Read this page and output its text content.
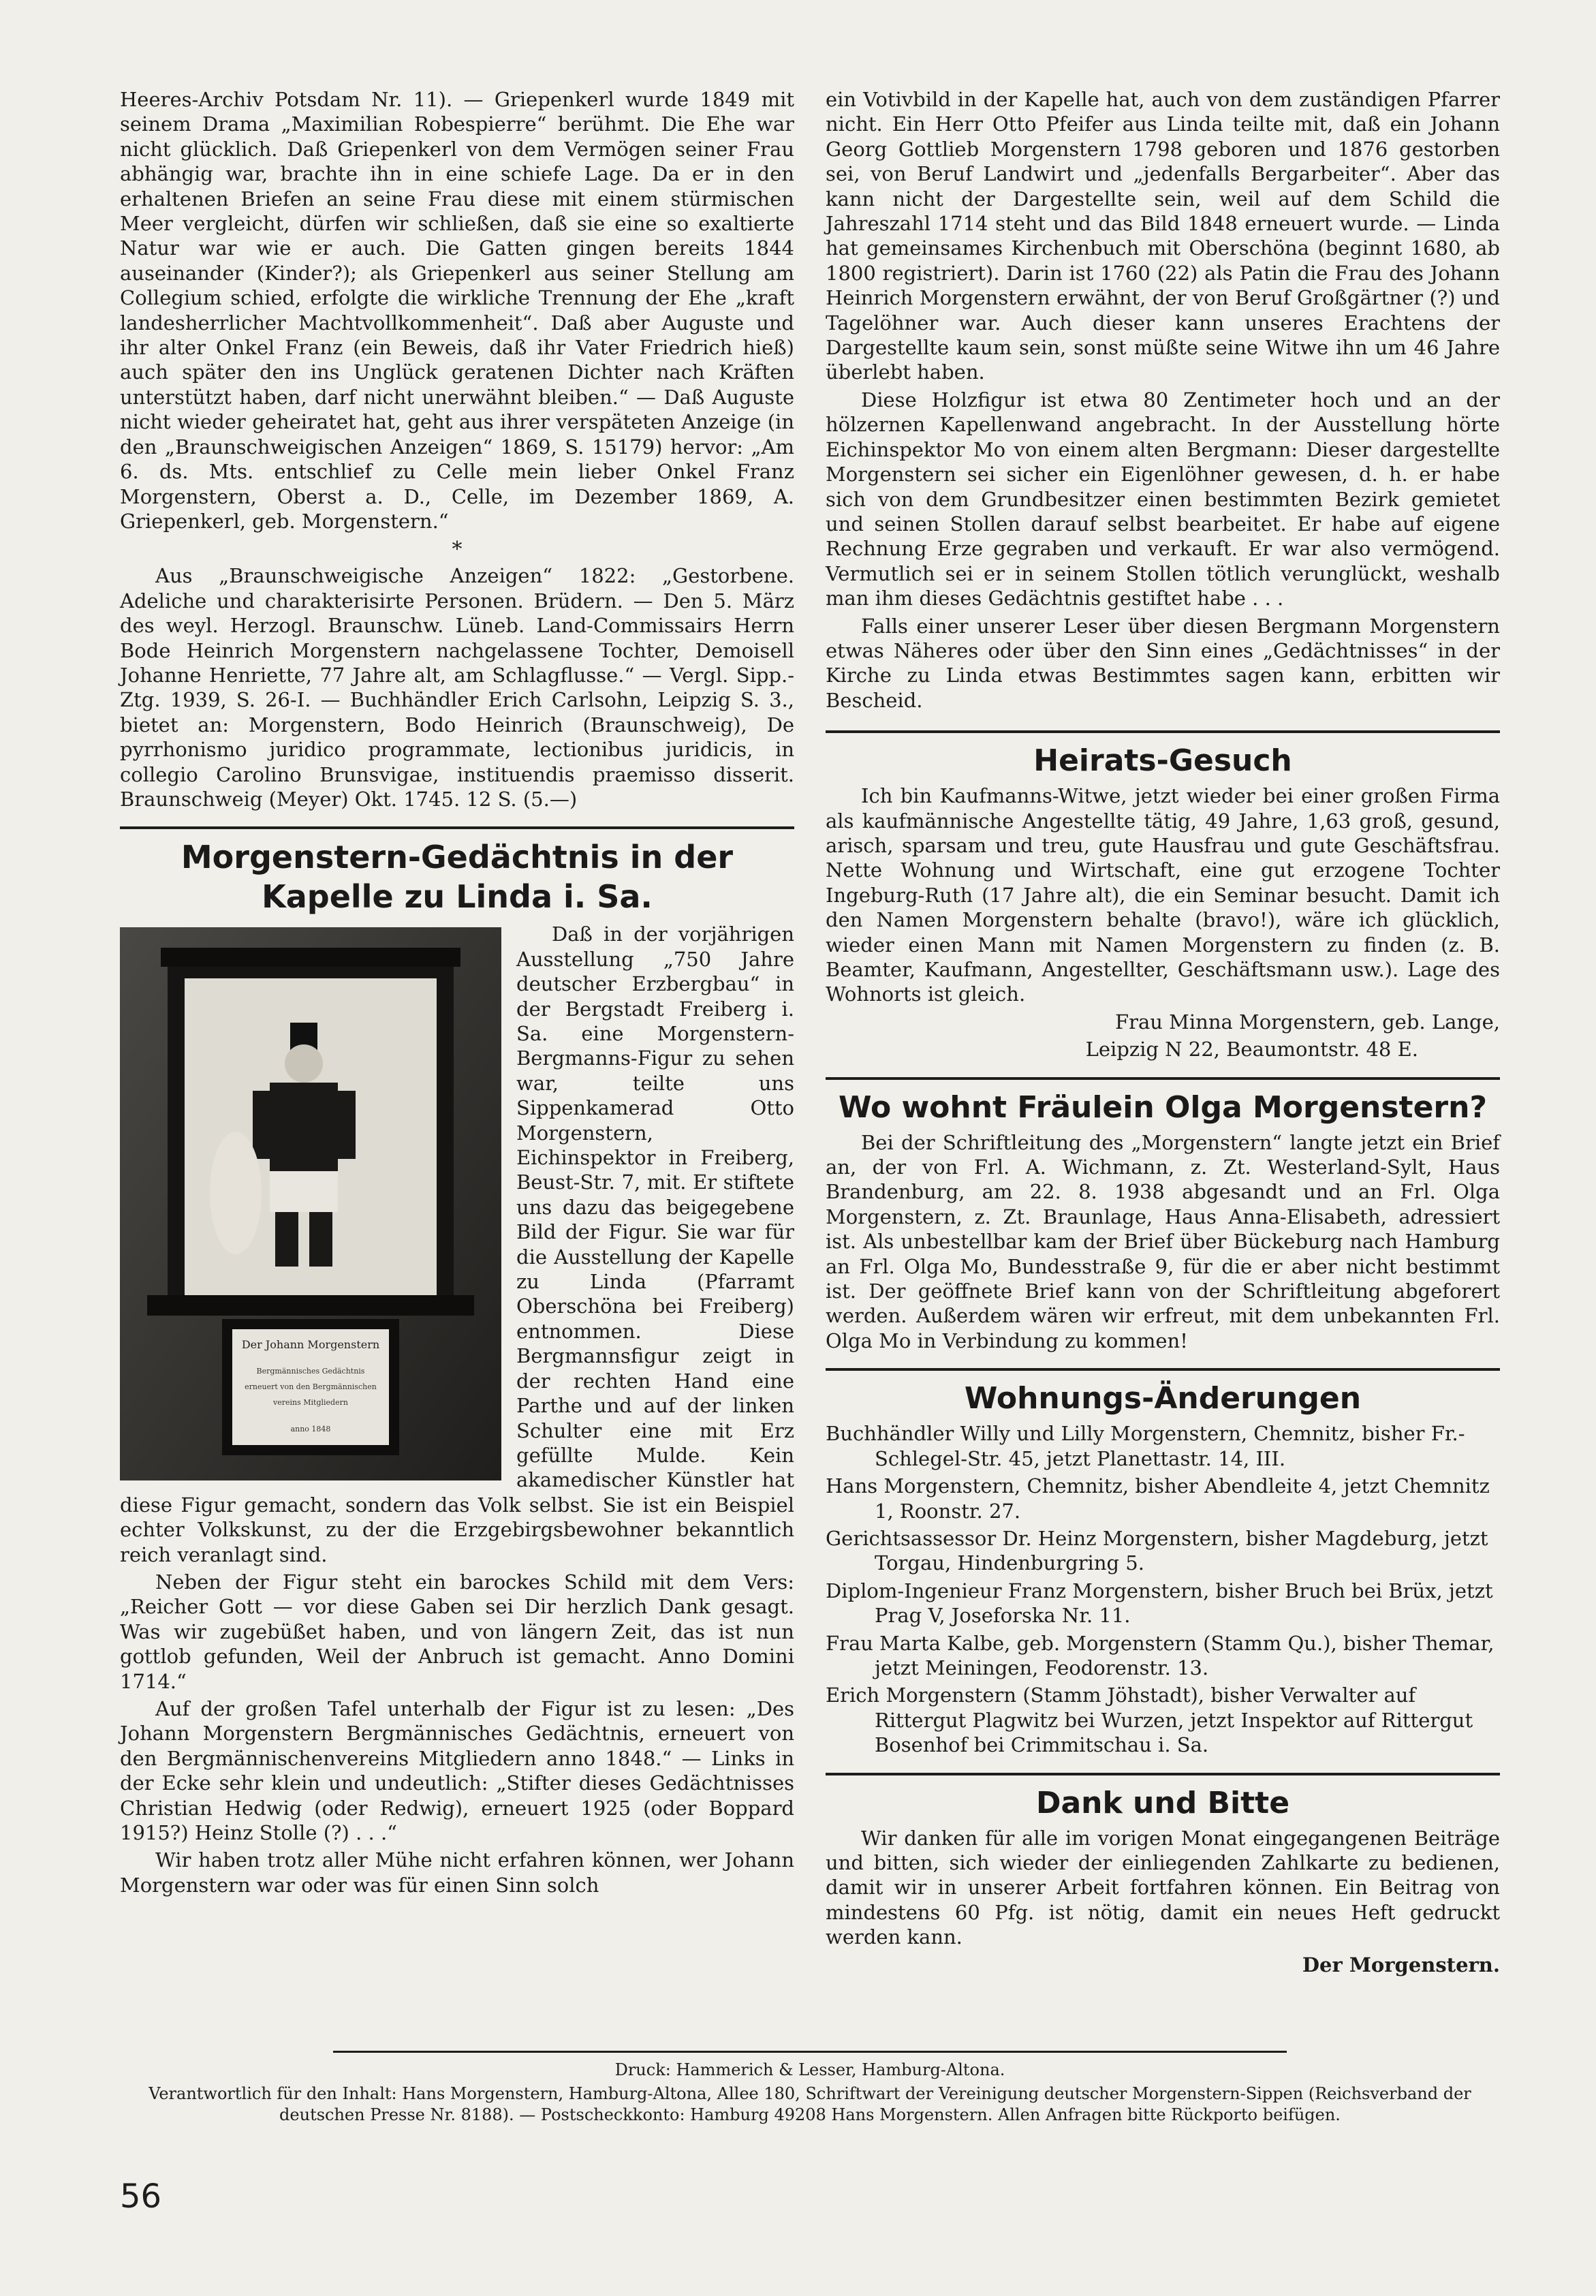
Heeres-Archiv Potsdam Nr. 11). — Griepenkerl wurde 1849 mit seinem Drama „Maximilian Robespierre“ berühmt. Die Ehe war nicht glücklich. Daß Griepenkerl von dem Vermögen seiner Frau abhängig war, brachte ihn in eine schiefe Lage. Da er in den erhaltenen Briefen an seine Frau diese mit einem stürmischen Meer vergleicht, dürfen wir schließen, daß sie eine so exaltierte Natur war wie er auch. Die Gatten gingen bereits 1844 auseinander (Kinder?); als Griepenkerl aus seiner Stellung am Collegium schied, erfolgte die wirkliche Trennung der Ehe „kraft landesherrlicher Machtvollkommenheit“. Daß aber Auguste und ihr alter Onkel Franz (ein Beweis, daß ihr Vater Friedrich hieß) auch später den ins Unglück geratenen Dichter nach Kräften unterstützt haben, darf nicht unerwähnt bleiben.“ — Daß Auguste nicht wieder geheiratet hat, geht aus ihrer verspäteten Anzeige (in den „Braunschweigischen Anzeigen“ 1869, S. 15179) hervor: „Am 6. ds. Mts. entschlief zu Celle mein lieber Onkel Franz Morgenstern, Oberst a. D., Celle, im Dezember 1869, A. Griepenkerl, geb. Morgenstern.“

*

Aus „Braunschweigische Anzeigen“ 1822: „Gestorbene. Adeliche und charakterisirte Personen. Brüdern. — Den 5. März des weyl. Herzogl. Braunschw. Lüneb. Land-Commissairs Herrn Bode Heinrich Morgenstern nachgelassene Tochter, Demoisell Johanne Henriette, 77 Jahre alt, am Schlagflusse.“ — Vergl. Sipp.-Ztg. 1939, S. 26-I. — Buchhändler Erich Carlsohn, Leipzig S. 3., bietet an: Morgenstern, Bodo Heinrich (Braunschweig), De pyrrhonismo juridico programmate, lectionibus juridicis, in collegio Carolino Brunsvigae, instituendis praemisso disserit. Braunschweig (Meyer) Okt. 1745. 12 S. (5.—)

Morgenstern-Gedächtnis in der Kapelle zu Linda i. Sa.
Der Johann Morgenstern
Bergmännisches Gedächtnis
erneuert von den Bergmännischen
vereins Mitgliedern
anno 1848

Daß in der vorjährigen Ausstellung „750 Jahre deutscher Erzbergbau“ in der Bergstadt Freiberg i. Sa. eine Morgenstern-Bergmanns-Figur zu sehen war, teilte uns Sippenkamerad Otto Morgenstern, Eichinspektor in Freiberg, Beust-Str. 7, mit. Er stiftete uns dazu das beigegebene Bild der Figur. Sie war für die Ausstellung der Kapelle zu Linda (Pfarramt Oberschöna bei Freiberg) entnommen. Diese Bergmannsfigur zeigt in der rechten Hand eine Parthe und auf der linken Schulter eine mit Erz gefüllte Mulde. Kein akamedischer Künstler hat diese Figur gemacht, sondern das Volk selbst. Sie ist ein Beispiel echter Volkskunst, zu der die Erzgebirgsbewohner bekanntlich reich veranlagt sind.

Neben der Figur steht ein barockes Schild mit dem Vers: „Reicher Gott — vor diese Gaben sei Dir herzlich Dank gesagt. Was wir zugebüßet haben, und von längern Zeit, das ist nun gottlob gefunden, Weil der Anbruch ist gemacht. Anno Domini 1714.“

Auf der großen Tafel unterhalb der Figur ist zu lesen: „Des Johann Morgenstern Bergmännisches Gedächtnis, erneuert von den Bergmännischenvereins Mitgliedern anno 1848.“ — Links in der Ecke sehr klein und undeutlich: „Stifter dieses Gedächtnisses Christian Hedwig (oder Redwig), erneuert 1925 (oder Boppard 1915?) Heinz Stolle (?) . . .“

Wir haben trotz aller Mühe nicht erfahren können, wer Johann Morgenstern war oder was für einen Sinn solch

ein Votivbild in der Kapelle hat, auch von dem zuständigen Pfarrer nicht. Ein Herr Otto Pfeifer aus Linda teilte mit, daß ein Johann Georg Gottlieb Morgenstern 1798 geboren und 1876 gestorben sei, von Beruf Landwirt und „jedenfalls Bergarbeiter“. Aber das kann nicht der Dargestellte sein, weil auf dem Schild die Jahreszahl 1714 steht und das Bild 1848 erneuert wurde. — Linda hat gemeinsames Kirchenbuch mit Oberschöna (beginnt 1680, ab 1800 registriert). Darin ist 1760 (22) als Patin die Frau des Johann Heinrich Morgenstern erwähnt, der von Beruf Großgärtner (?) und Tagelöhner war. Auch dieser kann unseres Erachtens der Dargestellte kaum sein, sonst müßte seine Witwe ihn um 46 Jahre überlebt haben.

Diese Holzfigur ist etwa 80 Zentimeter hoch und an der hölzernen Kapellenwand angebracht. In der Ausstellung hörte Eichinspektor Mo von einem alten Bergmann: Dieser dargestellte Morgenstern sei sicher ein Eigenlöhner gewesen, d. h. er habe sich von dem Grundbesitzer einen bestimmten Bezirk gemietet und seinen Stollen darauf selbst bearbeitet. Er habe auf eigene Rechnung Erze gegraben und verkauft. Er war also vermögend. Vermutlich sei er in seinem Stollen tötlich verunglückt, weshalb man ihm dieses Gedächtnis gestiftet habe . . .

Falls einer unserer Leser über diesen Bergmann Morgenstern etwas Näheres oder über den Sinn eines „Gedächtnisses“ in der Kirche zu Linda etwas Bestimmtes sagen kann, erbitten wir Bescheid.

Heirats-Gesuch

Ich bin Kaufmanns-Witwe, jetzt wieder bei einer großen Firma als kaufmännische Angestellte tätig, 49 Jahre, 1,63 groß, gesund, arisch, sparsam und treu, gute Hausfrau und gute Geschäftsfrau. Nette Wohnung und Wirtschaft, eine gut erzogene Tochter Ingeburg-Ruth (17 Jahre alt), die ein Seminar besucht. Damit ich den Namen Morgenstern behalte (bravo!), wäre ich glücklich, wieder einen Mann mit Namen Morgenstern zu finden (z. B. Beamter, Kaufmann, Angestellter, Geschäftsmann usw.). Lage des Wohnorts ist gleich.

Frau Minna Morgenstern, geb. Lange,

Leipzig N 22, Beaumontstr. 48 E.

Wo wohnt Fräulein Olga Morgenstern?

Bei der Schriftleitung des „Morgenstern“ langte jetzt ein Brief an, der von Frl. A. Wichmann, z. Zt. Westerland-Sylt, Haus Brandenburg, am 22. 8. 1938 abgesandt und an Frl. Olga Morgenstern, z. Zt. Braunlage, Haus Anna-Elisabeth, adressiert ist. Als unbestellbar kam der Brief über Bückeburg nach Hamburg an Frl. Olga Mo, Bundesstraße 9, für die er aber nicht bestimmt ist. Der geöffnete Brief kann von der Schriftleitung abgeforert werden. Außerdem wären wir erfreut, mit dem unbekannten Frl. Olga Mo in Verbindung zu kommen!

Wohnungs-Änderungen

Buchhändler Willy und Lilly Morgenstern, Chemnitz, bisher Fr.-Schlegel-Str. 45, jetzt Planettastr. 14, III.

Hans Morgenstern, Chemnitz, bisher Abendleite 4, jetzt Chemnitz 1, Roonstr. 27.

Gerichtsassessor Dr. Heinz Morgenstern, bisher Magdeburg, jetzt Torgau, Hindenburgring 5.

Diplom-Ingenieur Franz Morgenstern, bisher Bruch bei Brüx, jetzt Prag V, Joseforska Nr. 11.

Frau Marta Kalbe, geb. Morgenstern (Stamm Qu.), bisher Themar, jetzt Meiningen, Feodorenstr. 13.

Erich Morgenstern (Stamm Jöhstadt), bisher Verwalter auf Rittergut Plagwitz bei Wurzen, jetzt Inspektor auf Rittergut Bosenhof bei Crimmitschau i. Sa.

Dank und Bitte

Wir danken für alle im vorigen Monat eingegangenen Beiträge und bitten, sich wieder der einliegenden Zahlkarte zu bedienen, damit wir in unserer Arbeit fortfahren können. Ein Beitrag von mindestens 60 Pfg. ist nötig, damit ein neues Heft gedruckt werden kann.

Der Morgenstern.

Druck: Hammerich & Lesser, Hamburg-Altona.

Verantwortlich für den Inhalt: Hans Morgenstern, Hamburg-Altona, Allee 180, Schriftwart der Vereinigung deutscher Morgenstern-Sippen (Reichsverband der deutschen Presse Nr. 8188). — Postscheckkonto: Hamburg 49208 Hans Morgenstern. Allen Anfragen bitte Rückporto beifügen.

56
